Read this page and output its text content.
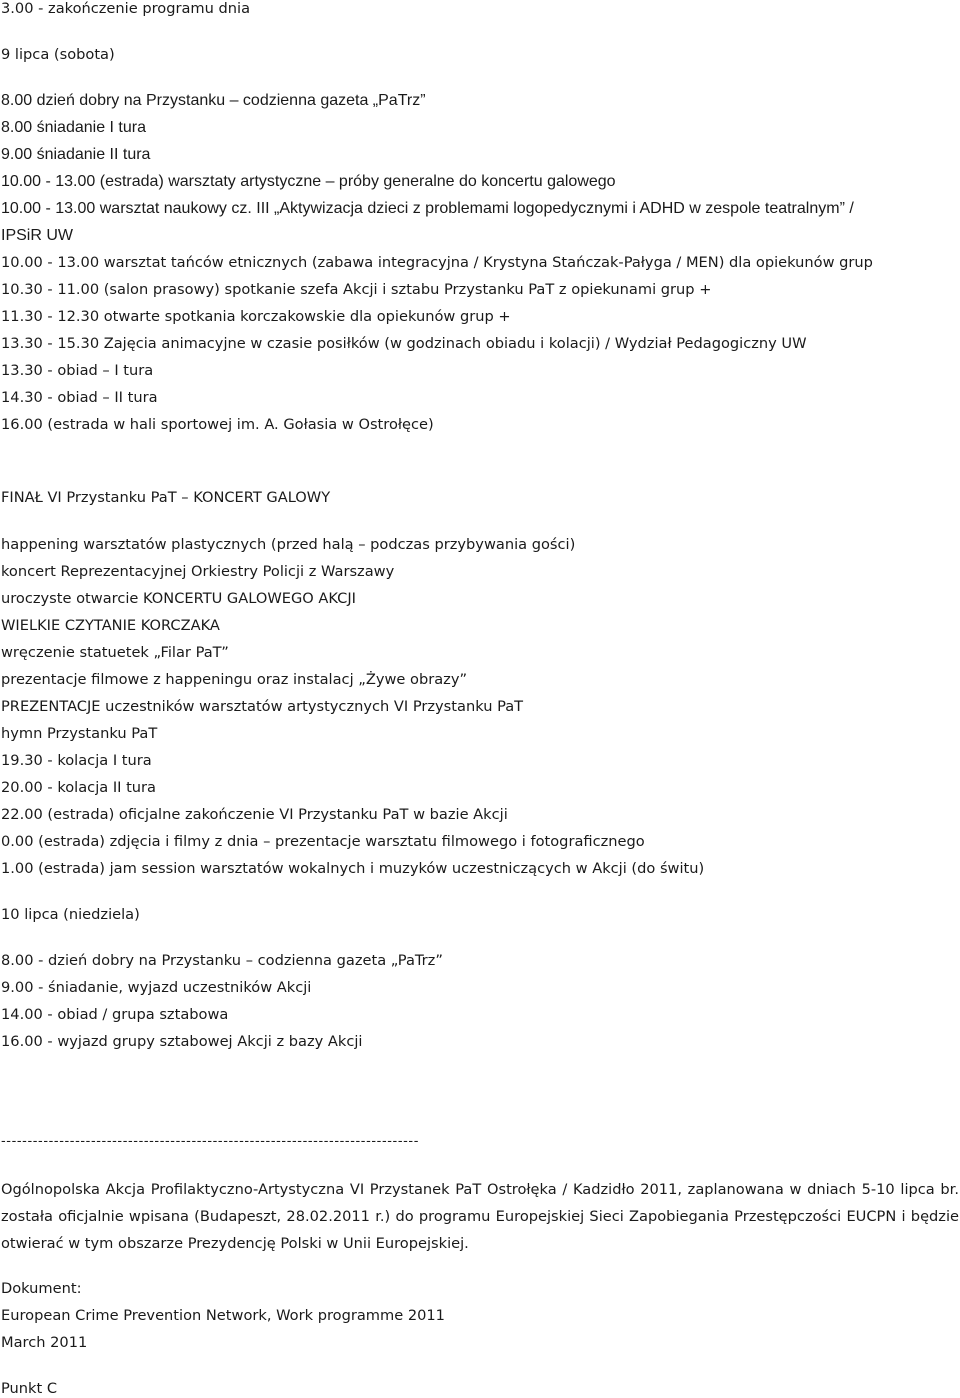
3.00 - zakończenie programu dnia
9 lipca (sobota)
8.00 dzień dobry na Przystanku – codzienna gazeta „PaTrz”
8.00 śniadanie I tura
9.00 śniadanie II tura
10.00 - 13.00 (estrada) warsztaty artystyczne – próby generalne do koncertu galowego
10.00 - 13.00 warsztat naukowy cz. III „Aktywizacja dzieci z problemami logopedycznymi i ADHD w zespole teatralnym” /
IPSiR UW
10.00 - 13.00 warsztat tańców etnicznych (zabawa integracyjna / Krystyna Stańczak-Pałyga / MEN) dla opiekunów grup
10.30 - 11.00 (salon prasowy) spotkanie szefa Akcji i sztabu Przystanku PaT z opiekunami grup +
11.30 - 12.30 otwarte spotkania korczakowskie dla opiekunów grup +
13.30 - 15.30 Zajęcia animacyjne w czasie posiłków (w godzinach obiadu i kolacji) / Wydział Pedagogiczny UW
13.30 - obiad – I tura
14.30 - obiad – II tura
16.00 (estrada w hali sportowej im. A. Gołasia w Ostrołęce)
FINAŁ VI Przystanku PaT – KONCERT GALOWY
happening warsztatów plastycznych (przed halą – podczas przybywania gości)
koncert Reprezentacyjnej Orkiestry Policji z Warszawy
uroczyste otwarcie KONCERTU GALOWEGO AKCJI
WIELKIE CZYTANIE KORCZAKA
wręczenie statuetek „Filar PaT”
prezentacje filmowe z happeningu oraz instalacj „Żywe obrazy”
PREZENTACJE uczestników warsztatów artystycznych VI Przystanku PaT
hymn Przystanku PaT
19.30 - kolacja I tura
20.00 - kolacja II tura
22.00 (estrada) oficjalne zakończenie VI Przystanku PaT w bazie Akcji
0.00 (estrada) zdjęcia i filmy z dnia – prezentacje warsztatu filmowego i fotograficznego
1.00 (estrada) jam session warsztatów wokalnych i muzyków uczestniczących w Akcji (do świtu)
10 lipca (niedziela)
8.00 - dzień dobry na Przystanku – codzienna gazeta „PaTrz”
9.00 - śniadanie, wyjazd uczestników Akcji
14.00 - obiad / grupa sztabowa
16.00 - wyjazd grupy sztabowej Akcji z bazy Akcji
-------------------------------------------------------------------------------
Ogólnopolska Akcja Profilaktyczno-Artystyczna VI Przystanek PaT Ostrołęka / Kadzidło 2011, zaplanowana w dniach 5-10 lipca br. została oficjalnie wpisana (Budapeszt, 28.02.2011 r.) do programu Europejskiej Sieci Zapobiegania Przestępczości EUCPN i będzie otwierać w tym obszarze Prezydencję Polski w Unii Europejskiej.
Dokument:
European Crime Prevention Network, Work programme 2011
March 2011
Punkt C
